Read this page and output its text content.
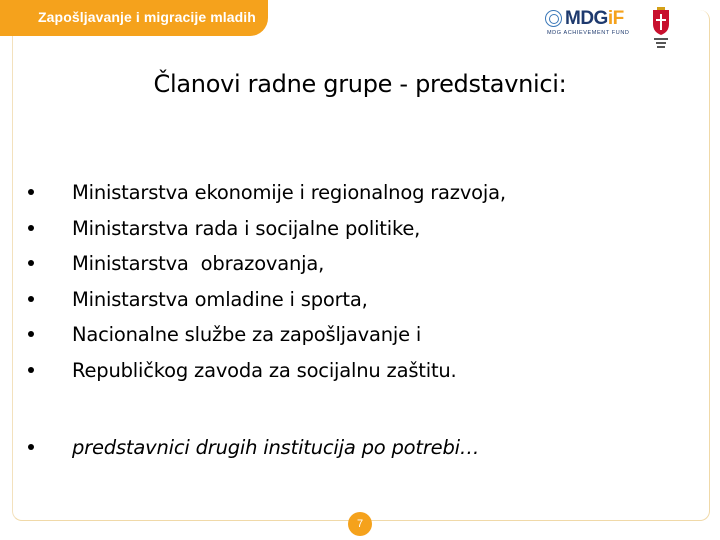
Zapošljavanje i migracije mladih	MDGiF
MDG ACHIEVEMENT FUND
Članovi radne grupe - predstavnici:
Ministarstva ekonomije i regionalnog razvoja,
Ministarstva rada i socijalne politike,
Ministarstva  obrazovanja,
Ministarstva omladine i sporta,
Nacionalne službe za zapošljavanje i
Republičkog zavoda za socijalnu zaštitu.
predstavnici drugih institucija po potrebi…
7
